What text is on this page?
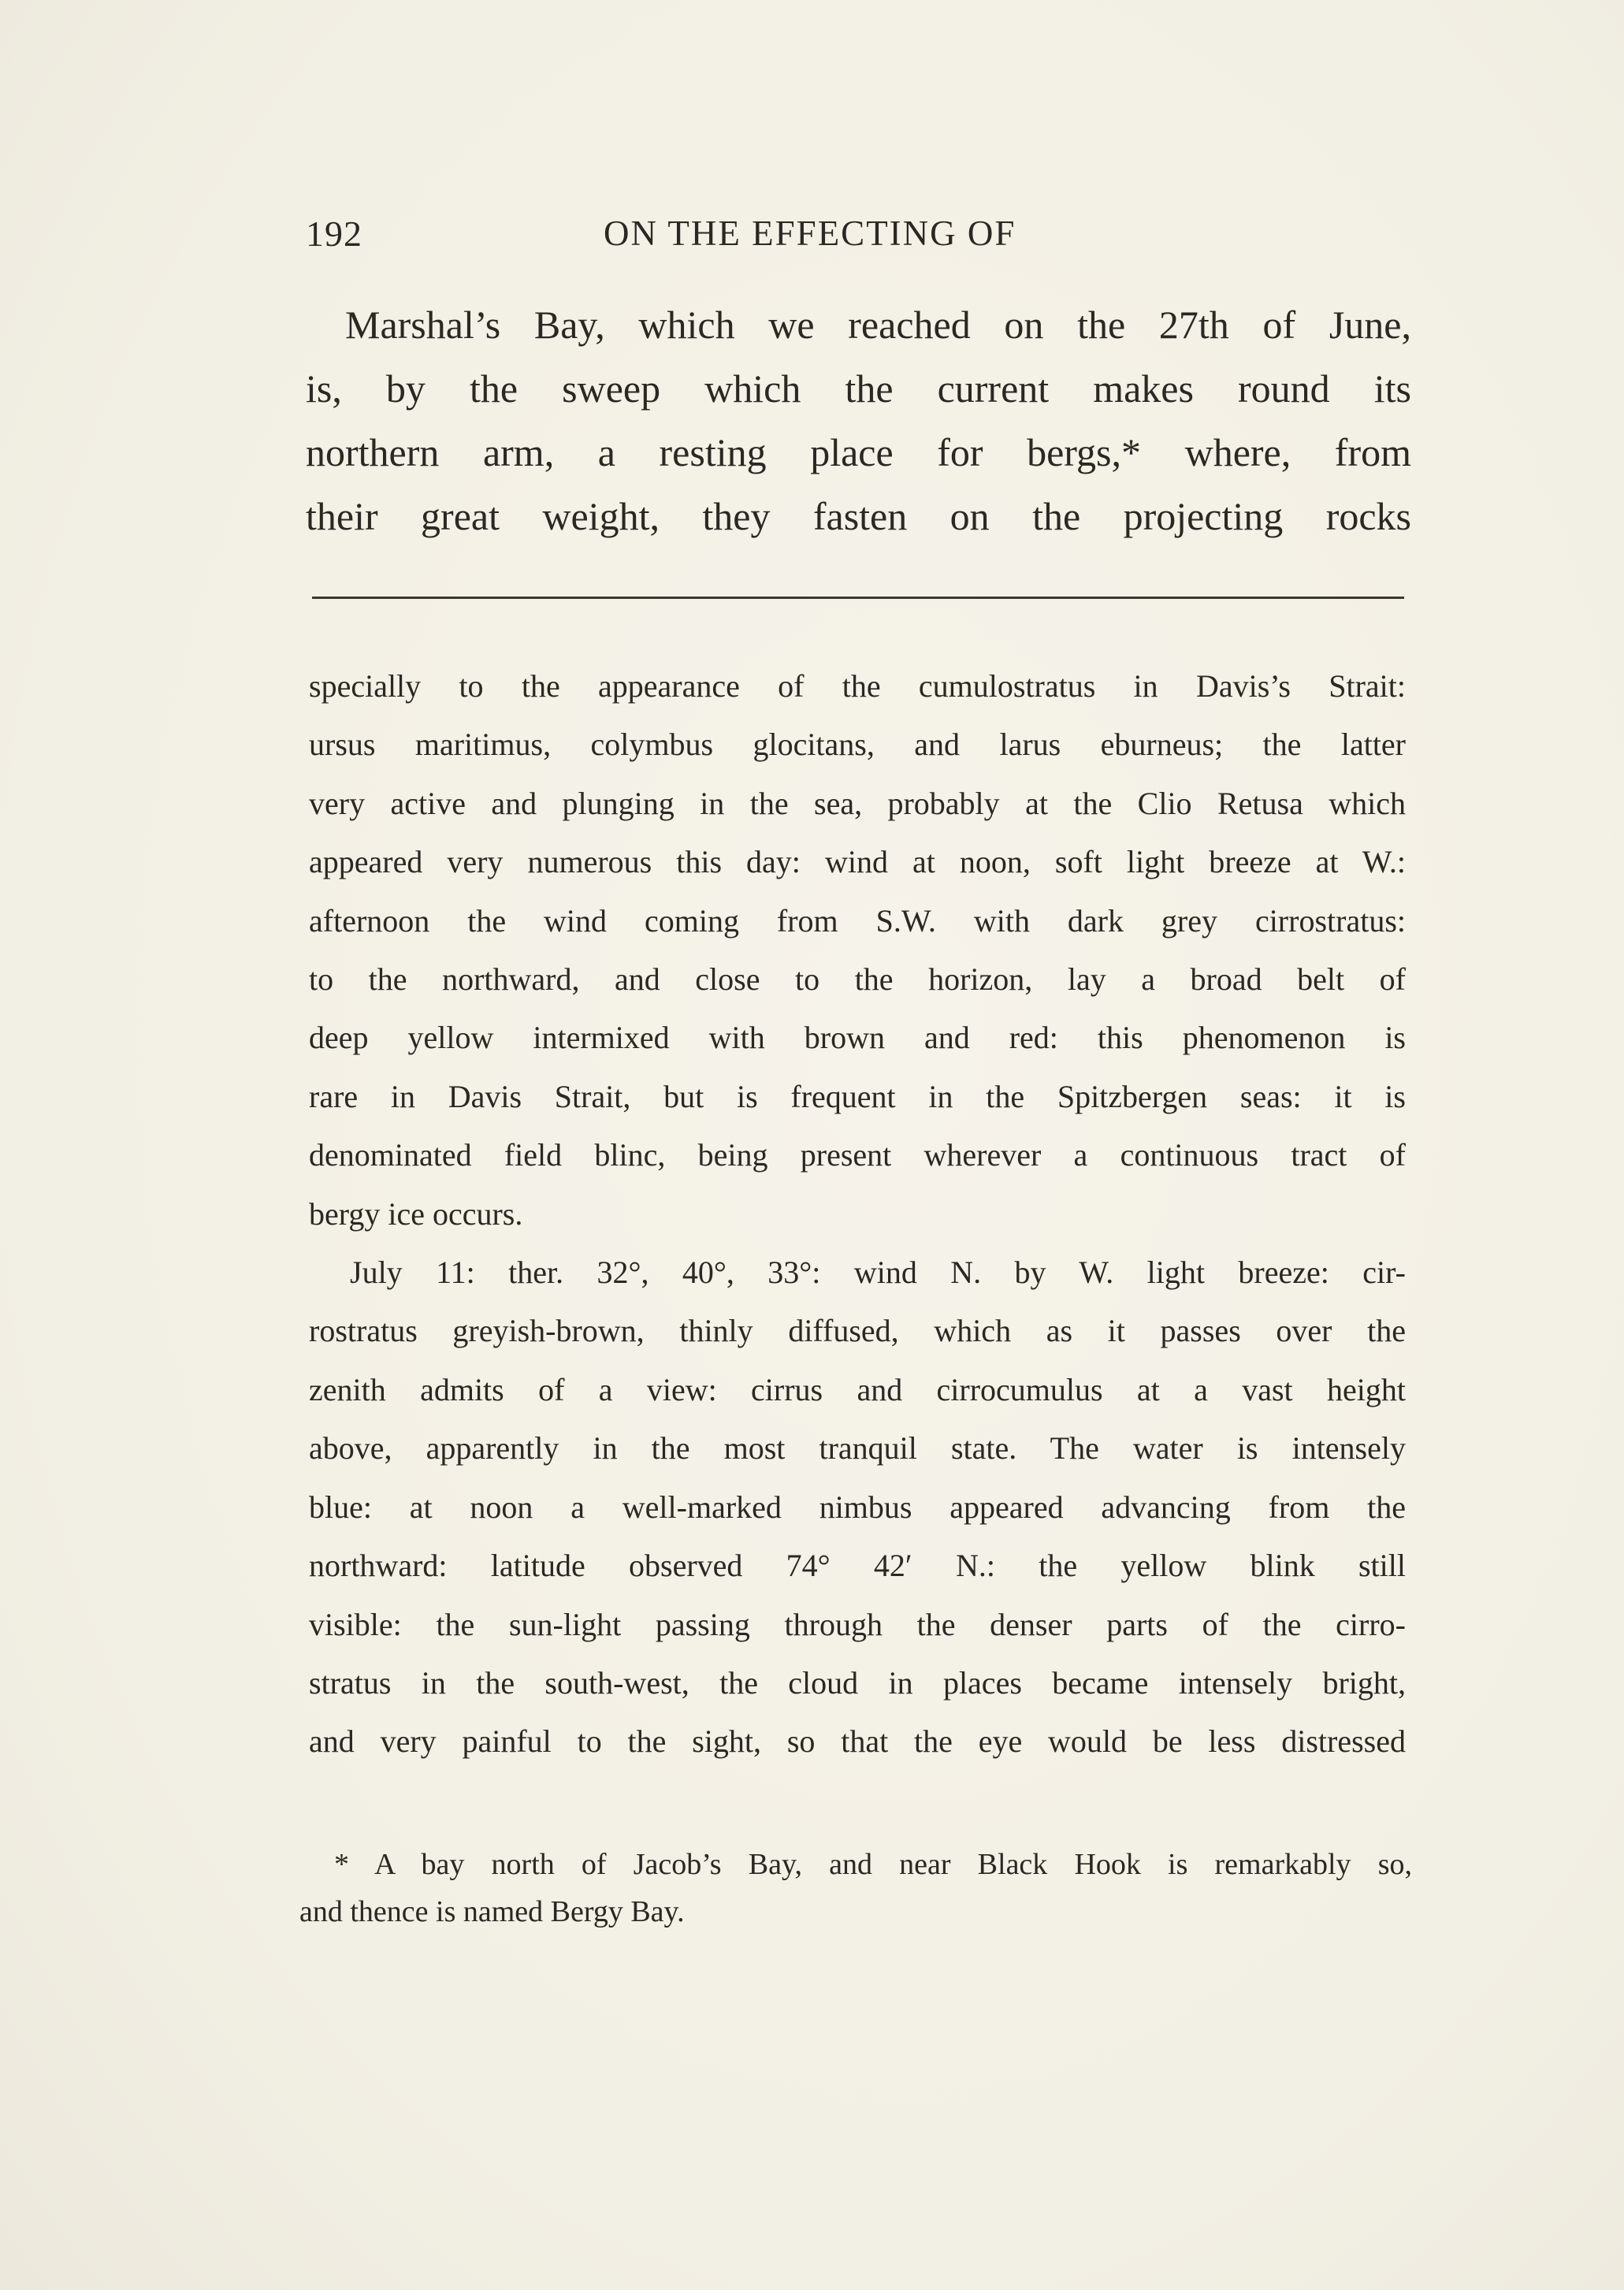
192	ON THE EFFECTING OF
Marshal’s Bay, which we reached on the 27th of June,
is, by the sweep which the current makes round its
northern arm, a resting place for bergs,* where, from
their great weight, they fasten on the projecting rocks
specially to the appearance of the cumulostratus in Davis’s Strait:
ursus maritimus, colymbus glocitans, and larus eburneus; the latter
very active and plunging in the sea, probably at the Clio Retusa which
appeared very numerous this day: wind at noon, soft light breeze at W.:
afternoon the wind coming from S.W. with dark grey cirrostratus:
to the northward, and close to the horizon, lay a broad belt of
deep yellow intermixed with brown and red: this phenomenon is
rare in Davis Strait, but is frequent in the Spitzbergen seas: it is
denominated field blinc, being present wherever a continuous tract of
bergy ice occurs.
July 11: ther. 32°, 40°, 33°: wind N. by W. light breeze: cir-
rostratus greyish-brown, thinly diffused, which as it passes over the
zenith admits of a view: cirrus and cirrocumulus at a vast height
above, apparently in the most tranquil state. The water is intensely
blue: at noon a well-marked nimbus appeared advancing from the
northward: latitude observed 74° 42′ N.: the yellow blink still
visible: the sun-light passing through the denser parts of the cirro-
stratus in the south-west, the cloud in places became intensely bright,
and very painful to the sight, so that the eye would be less distressed
* A bay north of Jacob’s Bay, and near Black Hook is remarkably so,
and thence is named Bergy Bay.
